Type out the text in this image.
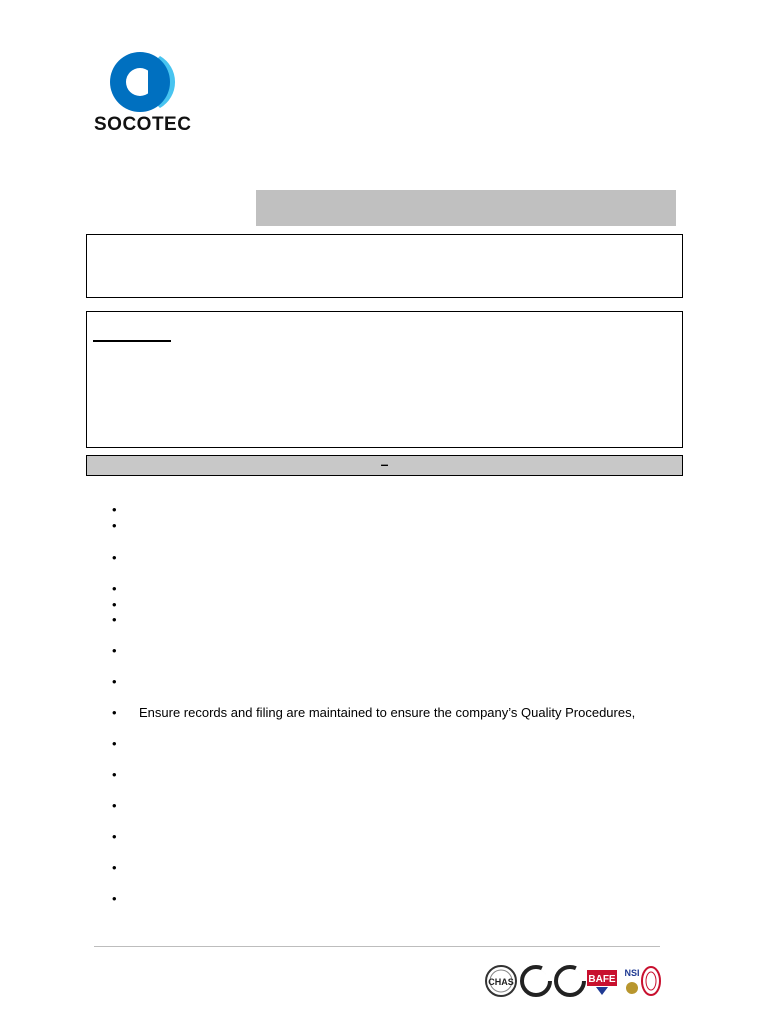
SOCOTEC
–
•
•
•
•
•
•
•
•
• Ensure records and filing are maintained to ensure the company’s Quality Procedures,
•
•
•
•
•
•
CHAS	BAFE
NSI
